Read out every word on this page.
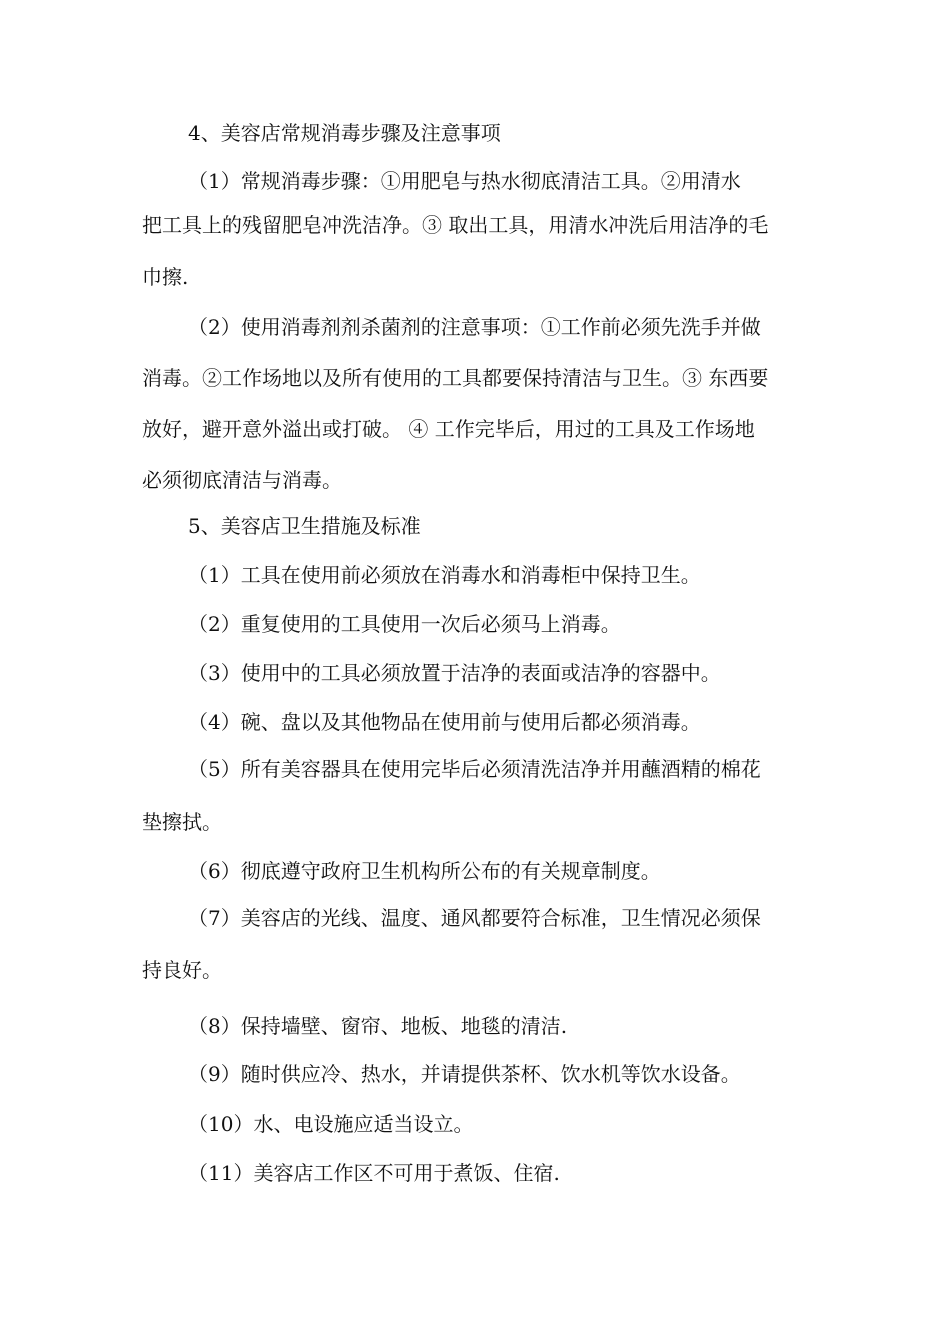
4、美容店常规消毒步骤及注意事项

（1）常规消毒步骤：①用肥皂与热水彻底清洁工具。②用清水
把工具上的残留肥皂冲洗洁净。③ 取出工具，用清水冲洗后用洁净的毛
巾擦.

（2）使用消毒剂剂杀菌剂的注意事项：①工作前必须先洗手并做
消毒。②工作场地以及所有使用的工具都要保持清洁与卫生。③ 东西要
放好，避开意外溢出或打破。 ④ 工作完毕后，用过的工具及工作场地
必须彻底清洁与消毒。

5、美容店卫生措施及标准

（1）工具在使用前必须放在消毒水和消毒柜中保持卫生。

（2）重复使用的工具使用一次后必须马上消毒。

（3）使用中的工具必须放置于洁净的表面或洁净的容器中。

（4）碗、盘以及其他物品在使用前与使用后都必须消毒。

（5）所有美容器具在使用完毕后必须清洗洁净并用蘸酒精的棉花
垫擦拭。

（6）彻底遵守政府卫生机构所公布的有关规章制度。

（7）美容店的光线、温度、通风都要符合标准，卫生情况必须保
持良好。

（8）保持墙壁、窗帘、地板、地毯的清洁.

（9）随时供应冷、热水，并请提供茶杯、饮水机等饮水设备。

（10）水、电设施应适当设立。

（11）美容店工作区不可用于煮饭、住宿.
